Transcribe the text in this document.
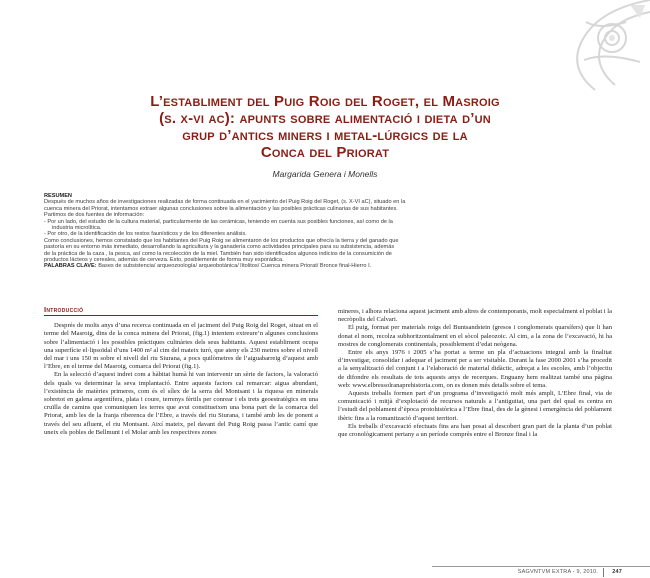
L’establiment del Puig Roig del Roget, el Masroig
(s. x-vi ac): apunts sobre alimentació i dieta d’un
grup d’antics miners i metal-lúrgics de la
Conca del Priorat
Margarida Genera i Monells

RESUMEN

Después de muchos años de investigaciones realizadas de forma continuada en el yacimiento del Puig Roig del Roget, (s. X-VI aC), situado en la

cuenca minera del Priorat, intentamos extraer algunas conclusiones sobre la alimentación y las posibles prácticas culinarias de sus habitantes.

Partimos de dos fuentes de información:

- Por un lado, del estudio de la cultura material, particularmente de las cerámicas, teniendo en cuenta sus posibles funciones, así como de la

industria microlítica.

- Por otro, de la identificación de los restos faunísticos y de los diferentes análisis.

Como conclusiones, hemos constatado que los habitantes del Puig Roig se alimentaron de los productos que ofrecía la tierra y del ganado que

pastoría en su entorno más inmediato, desarrollando la agricultura y la ganadería como actividades principales para su subsistencia, además

de la práctica de la caza , la pesca, así como la recolección de la miel. También han sido identificados algunos indicios de la consumición de

productos lácteos y cereales, además de cerveza. Esto, posiblemente de forma muy esporádica.

PALABRAS CLAVE: Bases de subsistencia/ arqueozoología/ arqueobotánica/ lítolitos/ Cuenca minera Priorat/ Bronce final-Hierro I.

Introducció

Després de molts anys d’una recerca continuada en el jaciment del Puig Roig del Roget, situat en el terme del Masroig, dins de la conca minera del Priorat, (fig.1) intentem extreure’n algunes conclusions sobre l’alimentació i les possibles pràctiques culinàries dels seus habitants. Aquest establiment ocupa una superfície el·lipsoïdal d’uns 1400 m² al cim del mateix turó, que ateny els 230 metres sobre el nivell del mar i uns 150 m sobre el nivell del riu Siurana, a pocs quilòmetres de l’aiguabarreig d’aquest amb l’Ebre, en el terme del Masroig, comarca del Priorat (fig.1).

En la selecció d’aquest indret com a hàbitat humà hi van intervenir un sèrie de factors, la valoració dels quals va determinar la seva implantació. Entre aquests factors cal remarcar: aigua abundant, l’existència de matèries primeres, com és el sílex de la serra del Montsant i la riquesa en minerals sobretot en galena argentífera, plata i coure, terrenys fèrtils per conrear i els trets geoestratègics en una cruïlla de camins que comuniquen les terres que avui constitueixen una bona part de la comarca del Priorat, amb les de la franja riberenca de l’Ebre, a través del riu Siurana, i també amb les de ponent a través del seu afluent, el riu Montsant. Així mateix, pel davant del Puig Roig passa l’antic camí que uneix els pobles de Bellmunt i el Molar amb les respectives zones

mineres, i alhora relaciona aquest jaciment amb altres de contemporanis, molt especialment el poblat i la necròpolis del Calvari.

El puig, format per materials roigs del Buntsandstein (gresos i conglomerats quarsífers) que li han donat el nom, recolza subhoritzontalment en el sòcol paleozoic. Al cim, a la zona de l’excavació, hi ha mostres de conglomerats continentals, possiblement d’edat neògena.

Entre els anys 1976 i 2005 s’ha portat a terme un pla d’actuacions integral amb la finalitat d’investigar, consolidar i adequar el jaciment per a ser visitable. Durant la fase 2000 2001 s’ha procedit a la senyalització del conjunt i a l’elaboració de material didàctic, adreçat a les escoles, amb l’objectiu de difondre els resultats de tots aquests anys de recerques. Enguany hem realitzat també una pàgina web: www.elbressolranaprehistoria.com, on es donen més detalls sobre el tema.

Aquests treballs formen part d’un programa d’investigació molt més ampli, L’Ebre final, via de comunicació i mitjà d’explotació de recursos naturals a l’antiguitat, una part del qual es centra en l’estudi del poblament d’època protohistòrica a l’Ebre final, des de la gènesi i emergència del poblament ibèric fins a la romanització d’aquest territori.

Els treballs d’excavació efectuats fins ara han posat al descobert gran part de la planta d’un poblat que cronològicament pertany a un període comprès entre el Bronze final i la

SAGVNTVM EXTRA - 9, 2010.	247
